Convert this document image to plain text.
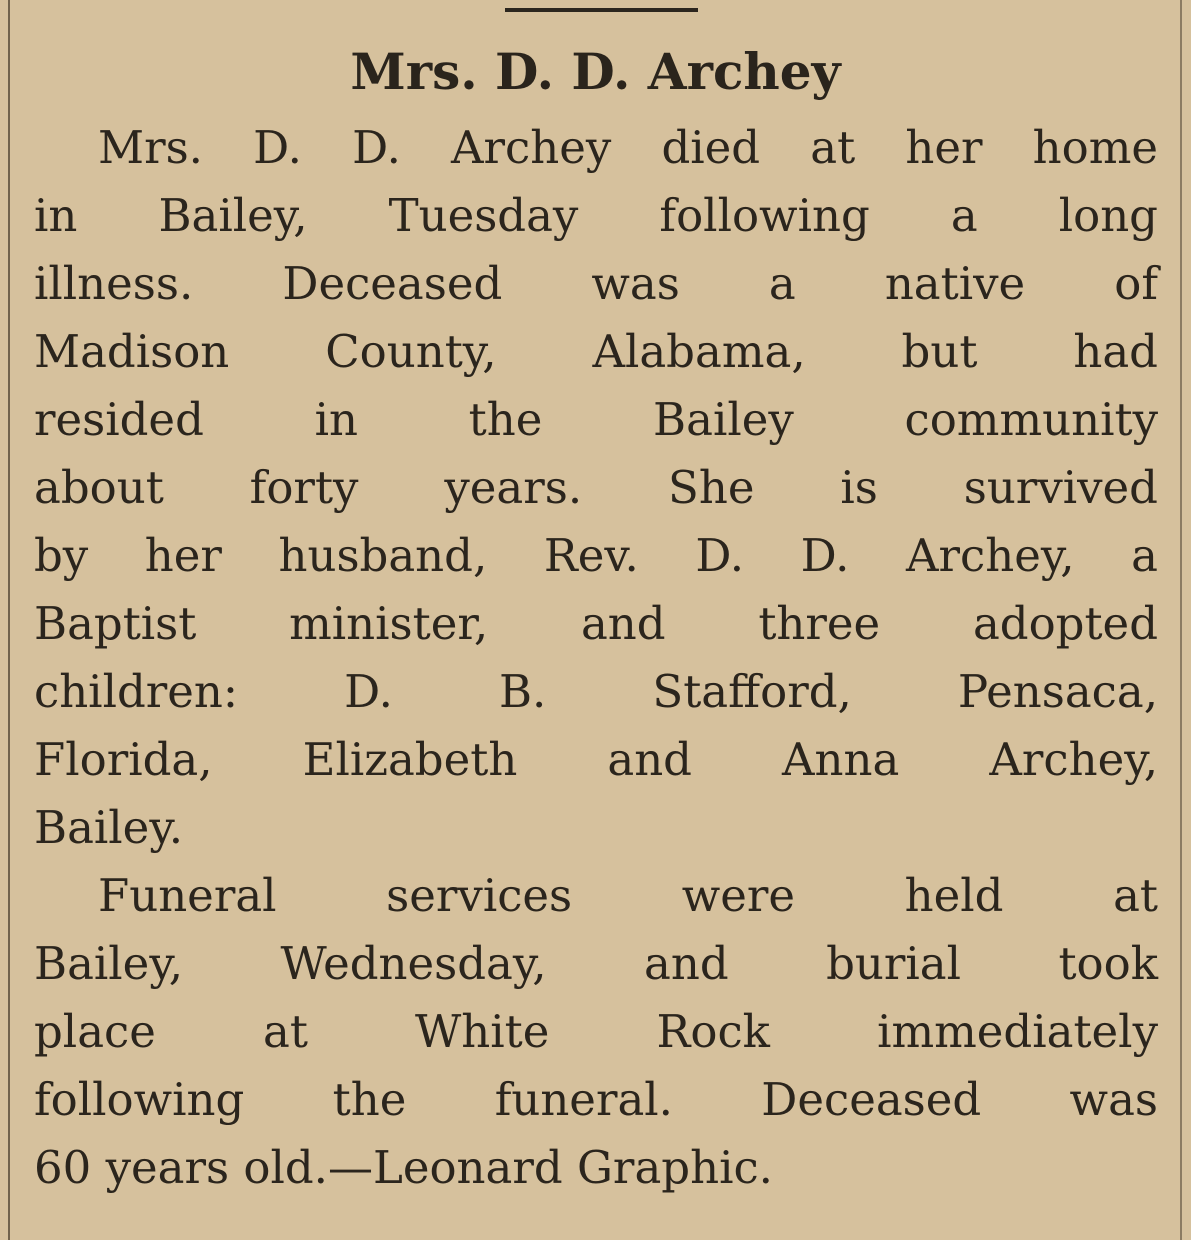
Mrs. D. D. Archey
Mrs. D. D. Archey died at her home
in Bailey, Tuesday following a long
illness. Deceased was a native of
Madison County, Alabama, but had
resided in the Bailey community
about forty years. She is survived
by her husband, Rev. D. D. Archey, a
Baptist minister, and three adopted
children: D. B. Stafford, Pensaca,
Florida, Elizabeth and Anna Archey,
Bailey.
Funeral services were held at
Bailey, Wednesday, and burial took
place at White Rock immediately
following the funeral. Deceased was
60 years old.—Leonard Graphic.
